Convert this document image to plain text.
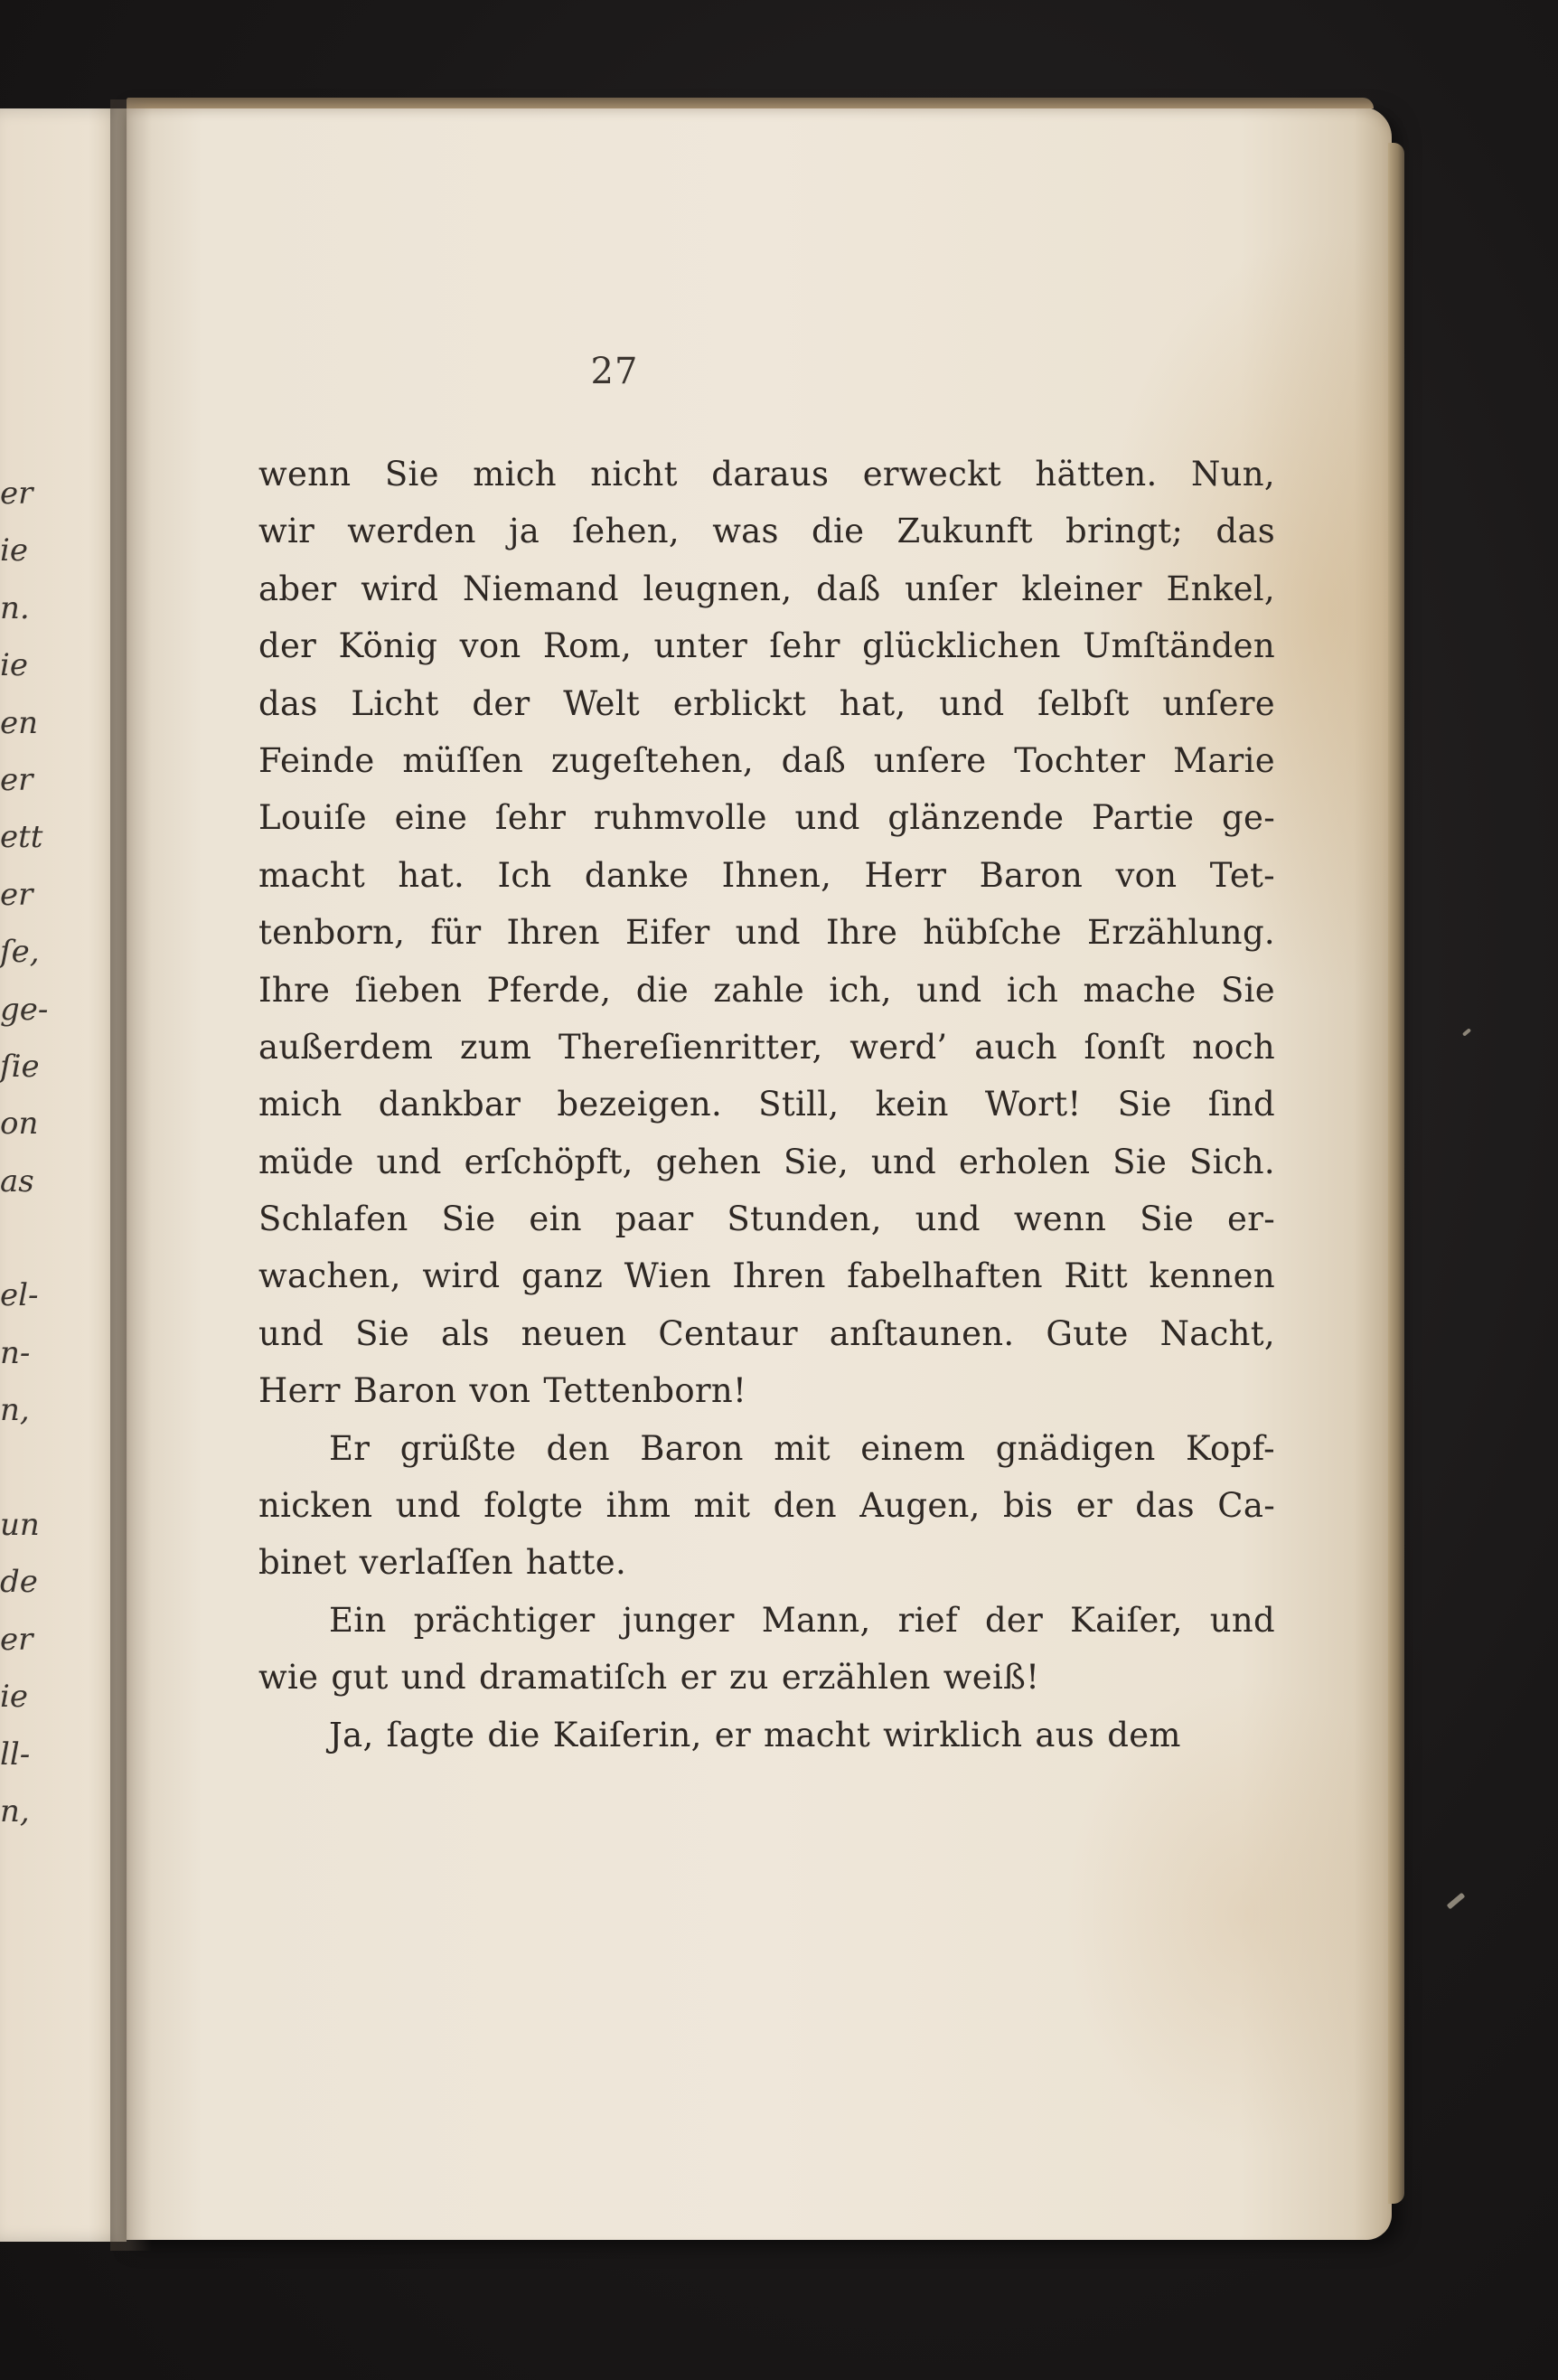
er
ie
n.
ie
en
er
ett
er
ſe,
ge-
ſie
on
as
el-
n-
n,
un
de
er
ie
ll-
n,
27
wenn Sie mich nicht daraus erweckt hätten. Nun,
wir werden ja ſehen, was die Zukunft bringt; das
aber wird Niemand leugnen, daß unſer kleiner Enkel,
der König von Rom, unter ſehr glücklichen Umſtänden
das Licht der Welt erblickt hat, und ſelbſt unſere
Feinde müſſen zugeſtehen, daß unſere Tochter Marie
Louiſe eine ſehr ruhmvolle und glänzende Partie ge-
macht hat. Ich danke Ihnen, Herr Baron von Tet-
tenborn, für Ihren Eifer und Ihre hübſche Erzählung.
Ihre ſieben Pferde, die zahle ich, und ich mache Sie
außerdem zum Thereſienritter, werd’ auch ſonſt noch
mich dankbar bezeigen. Still, kein Wort! Sie ſind
müde und erſchöpft, gehen Sie, und erholen Sie Sich.
Schlafen Sie ein paar Stunden, und wenn Sie er-
wachen, wird ganz Wien Ihren fabelhaften Ritt kennen
und Sie als neuen Centaur anſtaunen. Gute Nacht,
Herr Baron von Tettenborn!
Er grüßte den Baron mit einem gnädigen Kopf-
nicken und folgte ihm mit den Augen, bis er das Ca-
binet verlaſſen hatte.
Ein prächtiger junger Mann, rief der Kaiſer, und
wie gut und dramatiſch er zu erzählen weiß!
Ja, ſagte die Kaiſerin, er macht wirklich aus dem
